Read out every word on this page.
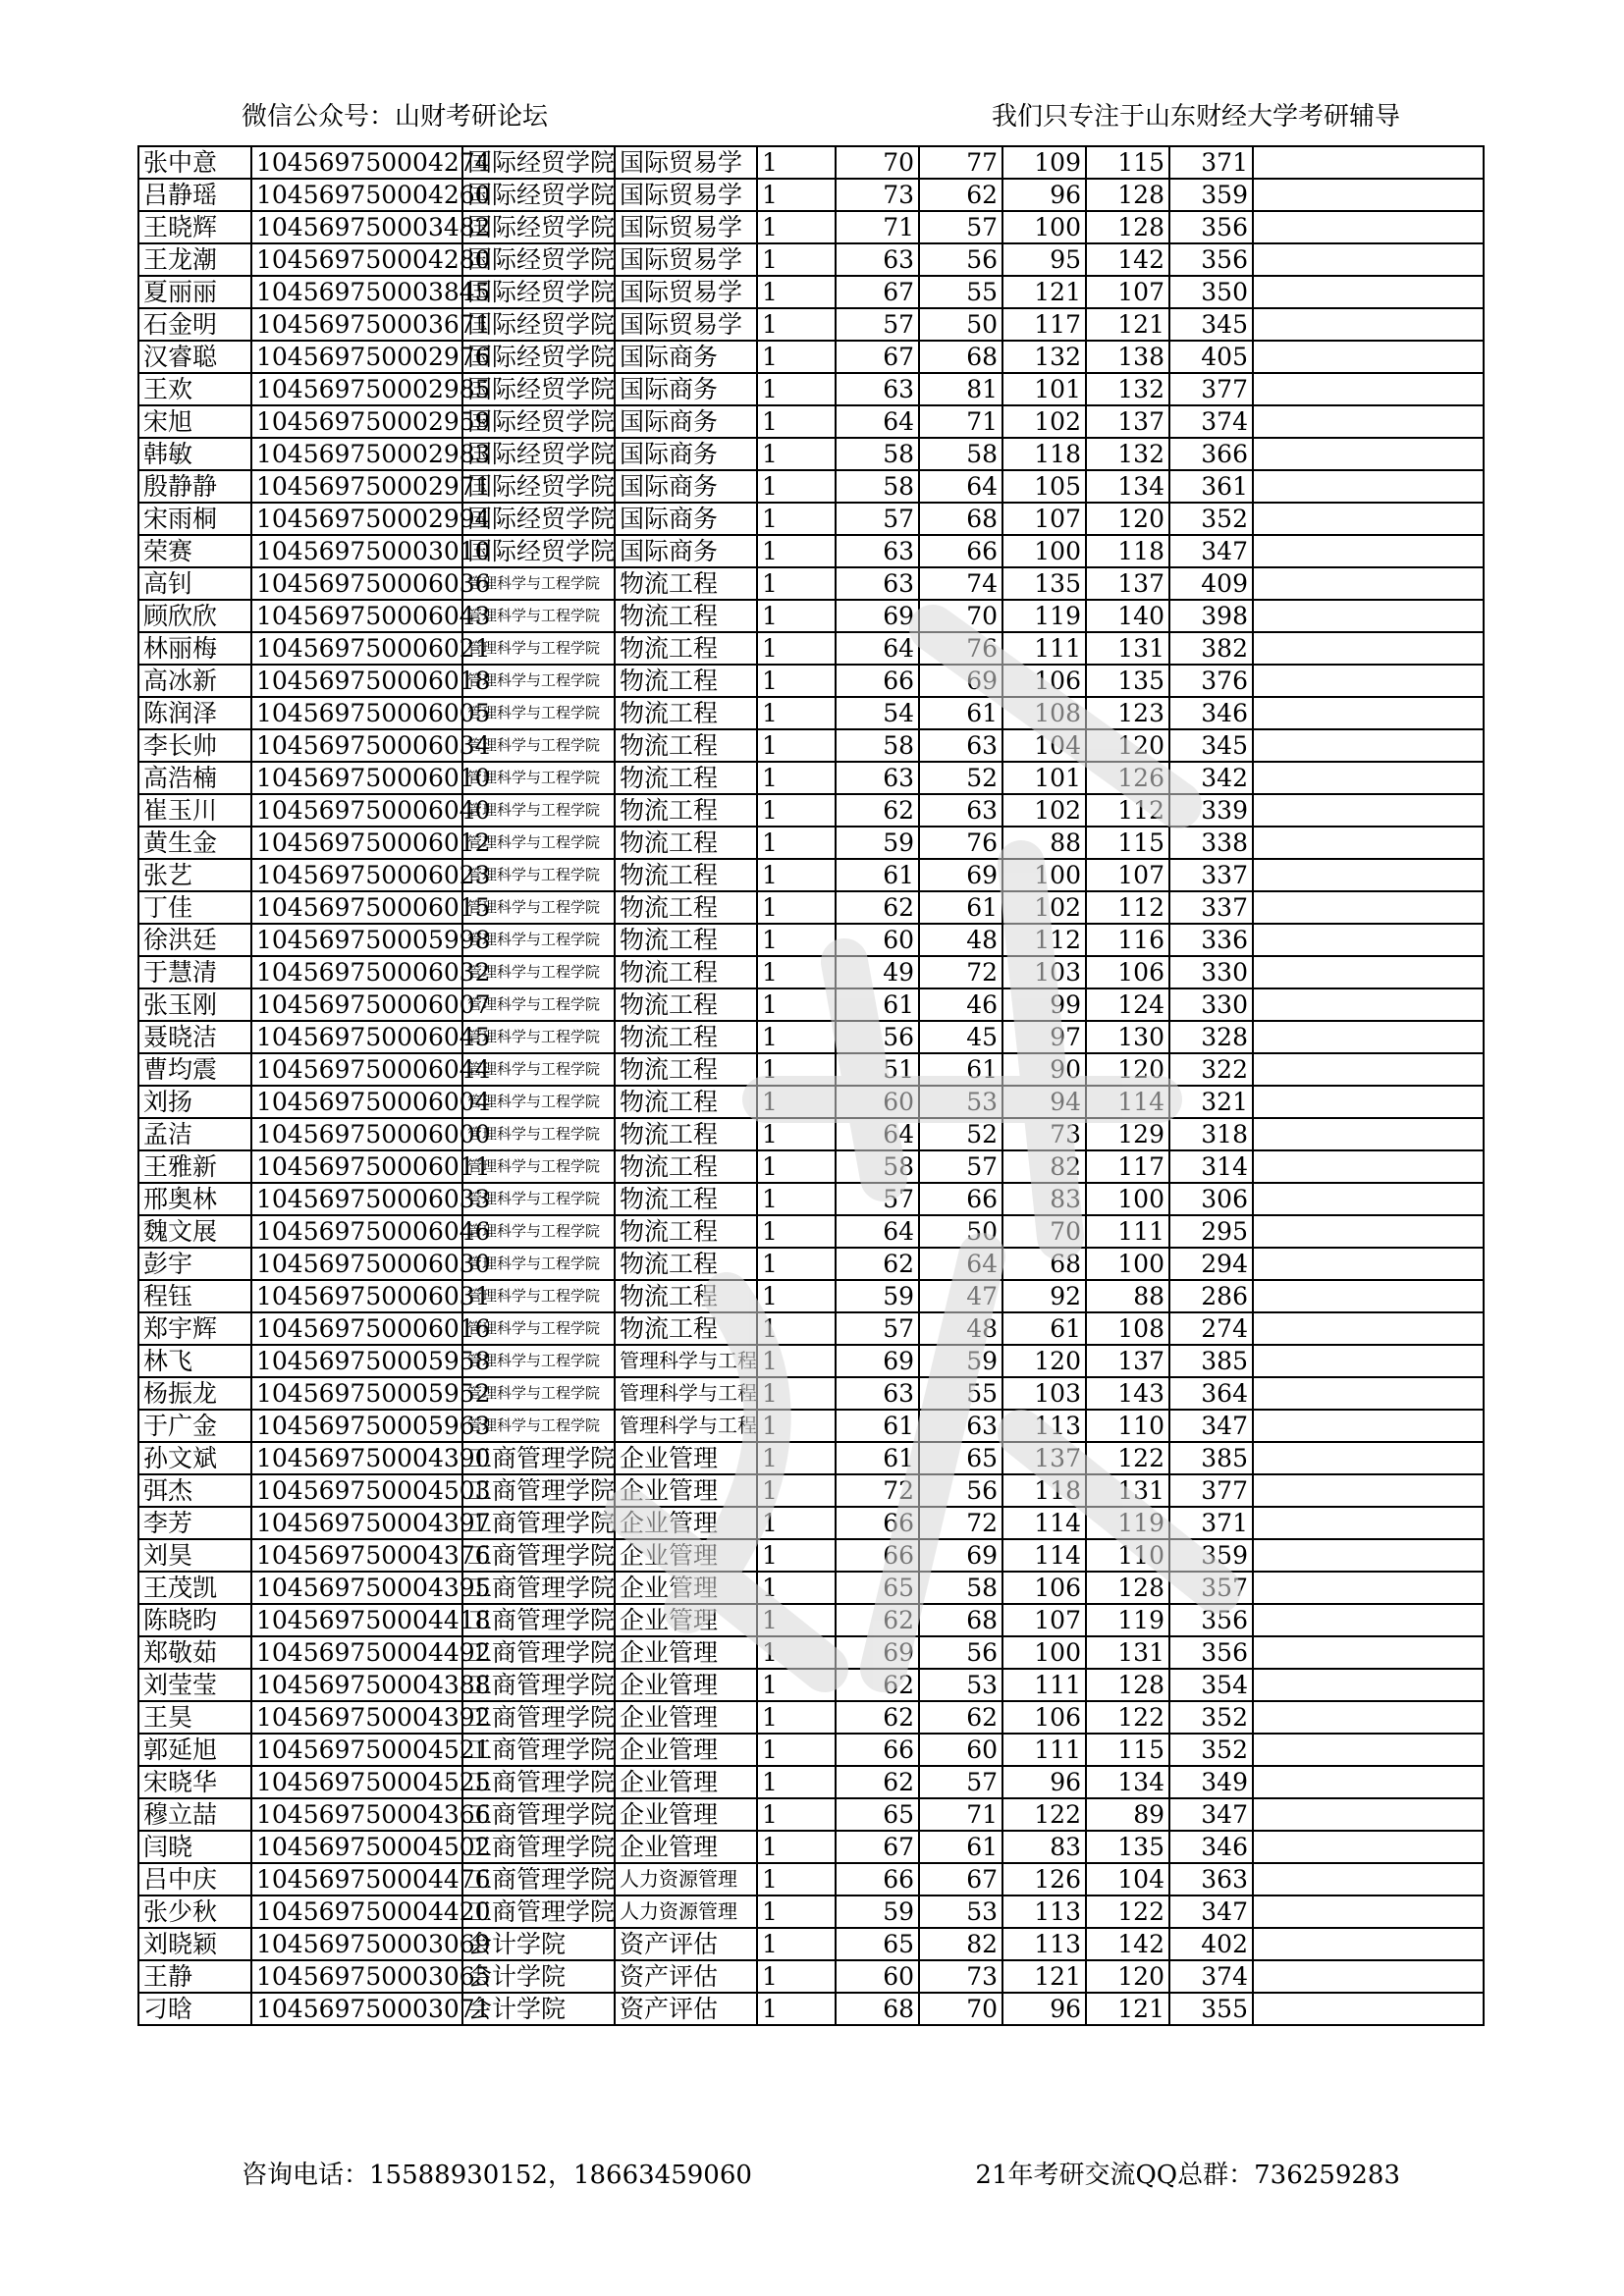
微信公众号：山财考研论坛	我们只专注于山东财经大学考研辅导
张中意	104569750004274	国际经贸学院	国际贸易学	1	70	77	109	115	371	
吕静瑶	104569750004260	国际经贸学院	国际贸易学	1	73	62	96	128	359	
王晓辉	104569750003482	国际经贸学院	国际贸易学	1	71	57	100	128	356	
王龙潮	104569750004280	国际经贸学院	国际贸易学	1	63	56	95	142	356	
夏丽丽	104569750003845	国际经贸学院	国际贸易学	1	67	55	121	107	350	
石金明	104569750003671	国际经贸学院	国际贸易学	1	57	50	117	121	345	
汉睿聪	104569750002976	国际经贸学院	国际商务	1	67	68	132	138	405	
王欢	104569750002985	国际经贸学院	国际商务	1	63	81	101	132	377	
宋旭	104569750002959	国际经贸学院	国际商务	1	64	71	102	137	374	
韩敏	104569750002983	国际经贸学院	国际商务	1	58	58	118	132	366	
殷静静	104569750002971	国际经贸学院	国际商务	1	58	64	105	134	361	
宋雨桐	104569750002994	国际经贸学院	国际商务	1	57	68	107	120	352	
荣赛	104569750003010	国际经贸学院	国际商务	1	63	66	100	118	347	
高钊	104569750006036	管理科学与工程学院	物流工程	1	63	74	135	137	409	
顾欣欣	104569750006043	管理科学与工程学院	物流工程	1	69	70	119	140	398	
林丽梅	104569750006021	管理科学与工程学院	物流工程	1	64	76	111	131	382	
高冰新	104569750006018	管理科学与工程学院	物流工程	1	66	69	106	135	376	
陈润泽	104569750006005	管理科学与工程学院	物流工程	1	54	61	108	123	346	
李长帅	104569750006034	管理科学与工程学院	物流工程	1	58	63	104	120	345	
高浩楠	104569750006010	管理科学与工程学院	物流工程	1	63	52	101	126	342	
崔玉川	104569750006040	管理科学与工程学院	物流工程	1	62	63	102	112	339	
黄生金	104569750006012	管理科学与工程学院	物流工程	1	59	76	88	115	338	
张艺	104569750006023	管理科学与工程学院	物流工程	1	61	69	100	107	337	
丁佳	104569750006015	管理科学与工程学院	物流工程	1	62	61	102	112	337	
徐洪廷	104569750005998	管理科学与工程学院	物流工程	1	60	48	112	116	336	
于慧清	104569750006032	管理科学与工程学院	物流工程	1	49	72	103	106	330	
张玉刚	104569750006007	管理科学与工程学院	物流工程	1	61	46	99	124	330	
聂晓洁	104569750006045	管理科学与工程学院	物流工程	1	56	45	97	130	328	
曹均震	104569750006044	管理科学与工程学院	物流工程	1	51	61	90	120	322	
刘扬	104569750006004	管理科学与工程学院	物流工程	1	60	53	94	114	321	
孟洁	104569750006000	管理科学与工程学院	物流工程	1	64	52	73	129	318	
王雅新	104569750006011	管理科学与工程学院	物流工程	1	58	57	82	117	314	
邢奥林	104569750006033	管理科学与工程学院	物流工程	1	57	66	83	100	306	
魏文展	104569750006046	管理科学与工程学院	物流工程	1	64	50	70	111	295	
彭宇	104569750006030	管理科学与工程学院	物流工程	1	62	64	68	100	294	
程钰	104569750006031	管理科学与工程学院	物流工程	1	59	47	92	88	286	
郑宇辉	104569750006016	管理科学与工程学院	物流工程	1	57	48	61	108	274	
林飞	104569750005958	管理科学与工程学院	管理科学与工程	1	69	59	120	137	385	
杨振龙	104569750005952	管理科学与工程学院	管理科学与工程	1	63	55	103	143	364	
于广金	104569750005963	管理科学与工程学院	管理科学与工程	1	61	63	113	110	347	
孙文斌	104569750004390	工商管理学院	企业管理	1	61	65	137	122	385	
弭杰	104569750004503	工商管理学院	企业管理	1	72	56	118	131	377	
李芳	104569750004397	工商管理学院	企业管理	1	66	72	114	119	371	
刘昊	104569750004376	工商管理学院	企业管理	1	66	69	114	110	359	
王茂凯	104569750004395	工商管理学院	企业管理	1	65	58	106	128	357	
陈晓昀	104569750004418	工商管理学院	企业管理	1	62	68	107	119	356	
郑敬茹	104569750004492	工商管理学院	企业管理	1	69	56	100	131	356	
刘莹莹	104569750004388	工商管理学院	企业管理	1	62	53	111	128	354	
王昊	104569750004392	工商管理学院	企业管理	1	62	62	106	122	352	
郭延旭	104569750004521	工商管理学院	企业管理	1	66	60	111	115	352	
宋晓华	104569750004525	工商管理学院	企业管理	1	62	57	96	134	349	
穆立喆	104569750004366	工商管理学院	企业管理	1	65	71	122	89	347	
闫晓	104569750004502	工商管理学院	企业管理	1	67	61	83	135	346	
吕中庆	104569750004476	工商管理学院	人力资源管理	1	66	67	126	104	363	
张少秋	104569750004420	工商管理学院	人力资源管理	1	59	53	113	122	347	
刘晓颖	104569750003069	会计学院	资产评估	1	65	82	113	142	402	
王静	104569750003065	会计学院	资产评估	1	60	73	121	120	374	
刁晗	104569750003071	会计学院	资产评估	1	68	70	96	121	355	
咨询电话：15588930152，18663459060	21年考研交流QQ总群：736259283
